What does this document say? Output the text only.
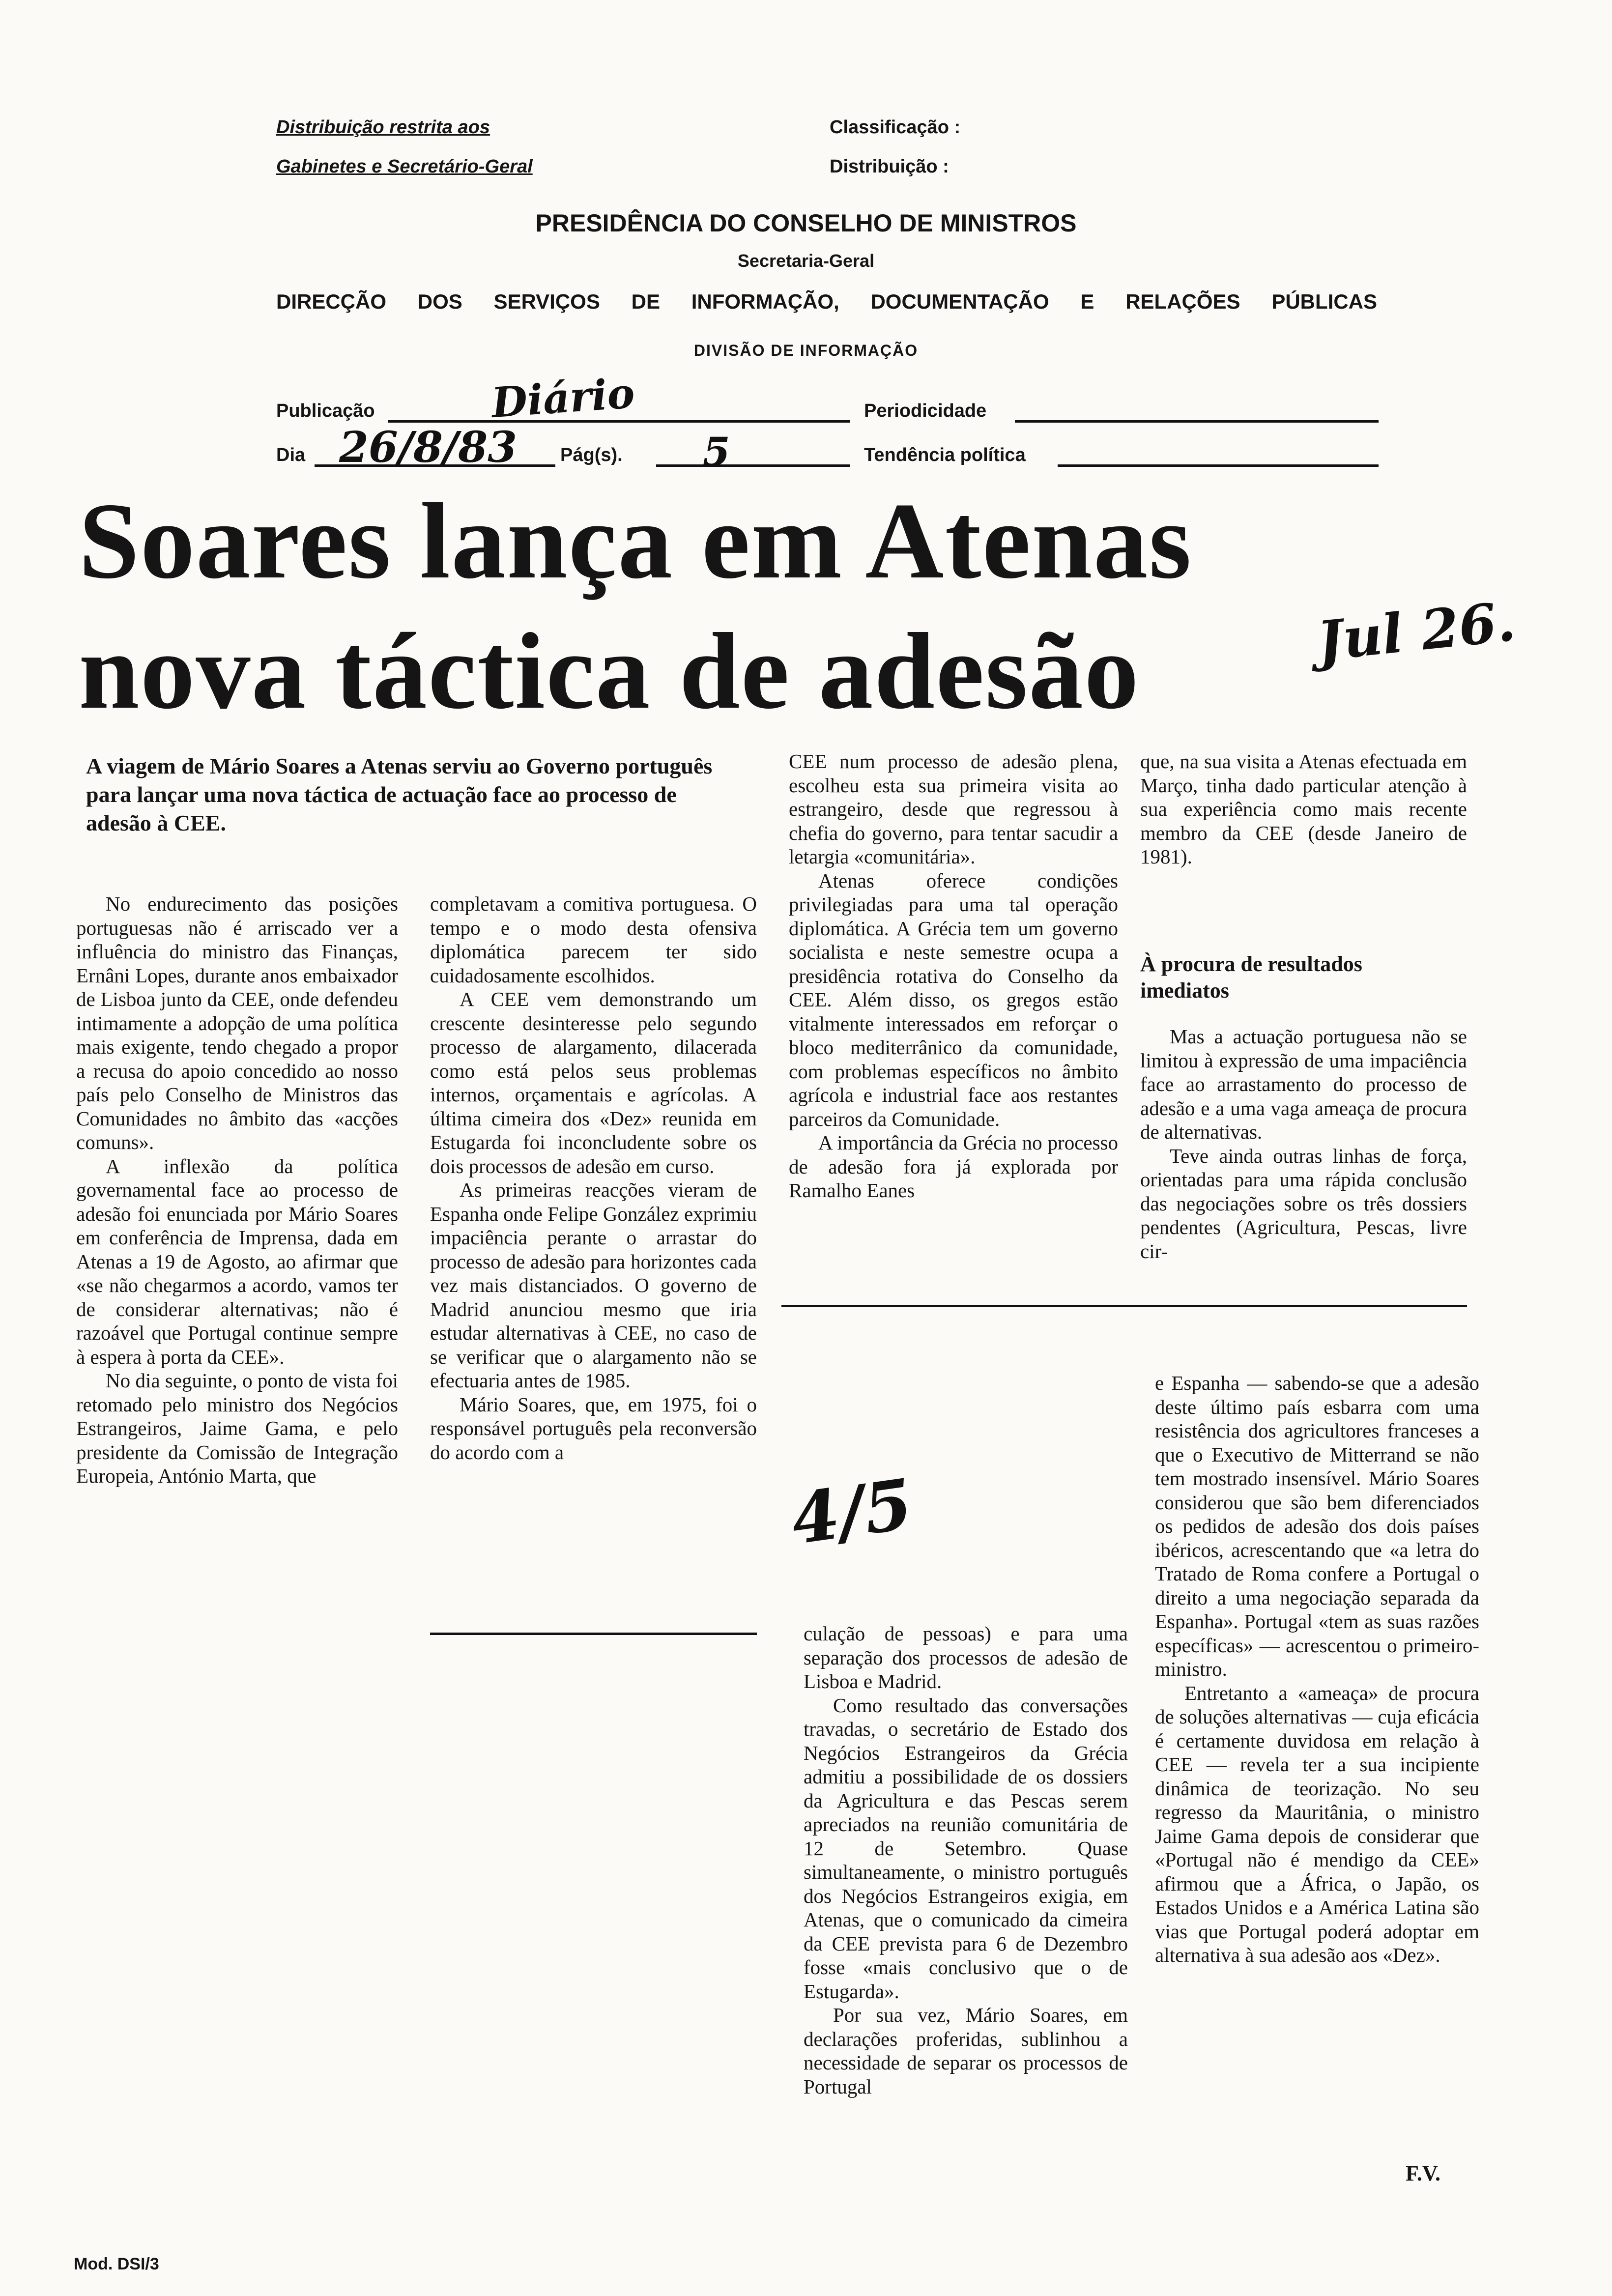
Distribuição restrita aos
Gabinetes e Secretário-Geral
Classificação :
Distribuição :
PRESIDÊNCIA DO CONSELHO DE MINISTROS
Secretaria-Geral
DIRECÇÃO DOS SERVIÇOS DE INFORMAÇÃO, DOCUMENTAÇÃO E RELAÇÕES PÚBLICAS
DIVISÃO DE INFORMAÇÃO
Publicação	Diário	Periodicidade
Dia 26/8/83 Pág(s). 5	Tendência política
Soares lança em Atenas
nova táctica de adesão	Jul 26.
A viagem de Mário Soares a Atenas serviu ao Governo português para lançar uma nova táctica de actuação face ao processo de adesão à CEE.

No endurecimento das posições portuguesas não é arriscado ver a influência do ministro das Finanças, Ernâni Lopes, durante anos embaixador de Lisboa junto da CEE, onde defendeu intimamente a adopção de uma política mais exigente, tendo chegado a propor a recusa do apoio concedido ao nosso país pelo Conselho de Ministros das Comunidades no âmbito das «acções comuns».

A inflexão da política governamental face ao processo de adesão foi enunciada por Mário Soares em conferência de Imprensa, dada em Atenas a 19 de Agosto, ao afirmar que «se não chegarmos a acordo, vamos ter de considerar alternativas; não é razoável que Portugal continue sempre à espera à porta da CEE».

No dia seguinte, o ponto de vista foi retomado pelo ministro dos Negócios Estrangeiros, Jaime Gama, e pelo presidente da Comissão de Integração Europeia, António Marta, que

completavam a comitiva portuguesa. O tempo e o modo desta ofensiva diplomática parecem ter sido cuidadosamente escolhidos.

A CEE vem demonstrando um crescente desinteresse pelo segundo processo de alargamento, dilacerada como está pelos seus problemas internos, orçamentais e agrícolas. A última cimeira dos «Dez» reunida em Estugarda foi inconcludente sobre os dois processos de adesão em curso.

As primeiras reacções vieram de Espanha onde Felipe González exprimiu impaciência perante o arrastar do processo de adesão para horizontes cada vez mais distanciados. O governo de Madrid anunciou mesmo que iria estudar alternativas à CEE, no caso de se verificar que o alargamento não se efectuaria antes de 1985.

Mário Soares, que, em 1975, foi o responsável português pela reconversão do acordo com a

CEE num processo de adesão plena, escolheu esta sua primeira visita ao estrangeiro, desde que regressou à chefia do governo, para tentar sacudir a letargia «comunitária».

Atenas oferece condições privilegiadas para uma tal operação diplomática. A Grécia tem um governo socialista e neste semestre ocupa a presidência rotativa do Conselho da CEE. Além disso, os gregos estão vitalmente interessados em reforçar o bloco mediterrânico da comunidade, com problemas específicos no âmbito agrícola e industrial face aos restantes parceiros da Comunidade.

A importância da Grécia no processo de adesão fora já explorada por Ramalho Eanes

que, na sua visita a Atenas efectuada em Março, tinha dado particular atenção à sua experiência como mais recente membro da CEE (desde Janeiro de 1981).

À procura de resultados imediatos

Mas a actuação portuguesa não se limitou à expressão de uma impaciência face ao arrastamento do processo de adesão e a uma vaga ameaça de procura de alternativas.

Teve ainda outras linhas de força, orientadas para uma rápida conclusão das negociações sobre os três dossiers pendentes (Agricultura, Pescas, livre cir-

4/5

culação de pessoas) e para uma separação dos processos de adesão de Lisboa e Madrid.

Como resultado das conversações travadas, o secretário de Estado dos Negócios Estrangeiros da Grécia admitiu a possibilidade de os dossiers da Agricultura e das Pescas serem apreciados na reunião comunitária de 12 de Setembro. Quase simultaneamente, o ministro português dos Negócios Estrangeiros exigia, em Atenas, que o comunicado da cimeira da CEE prevista para 6 de Dezembro fosse «mais conclusivo que o de Estugarda».

Por sua vez, Mário Soares, em declarações proferidas, sublinhou a necessidade de separar os processos de Portugal

e Espanha — sabendo-se que a adesão deste último país esbarra com uma resistência dos agricultores franceses a que o Executivo de Mitterrand se não tem mostrado insensível. Mário Soares considerou que são bem diferenciados os pedidos de adesão dos dois países ibéricos, acrescentando que «a letra do Tratado de Roma confere a Portugal o direito a uma negociação separada da Espanha». Portugal «tem as suas razões específicas» — acrescentou o primeiro-ministro.

Entretanto a «ameaça» de procura de soluções alternativas — cuja eficácia é certamente duvidosa em relação à CEE — revela ter a sua incipiente dinâmica de teorização. No seu regresso da Mauritânia, o ministro Jaime Gama depois de considerar que «Portugal não é mendigo da CEE» afirmou que a África, o Japão, os Estados Unidos e a América Latina são vias que Portugal poderá adoptar em alternativa à sua adesão aos «Dez».

F.V.
Mod. DSI/3
